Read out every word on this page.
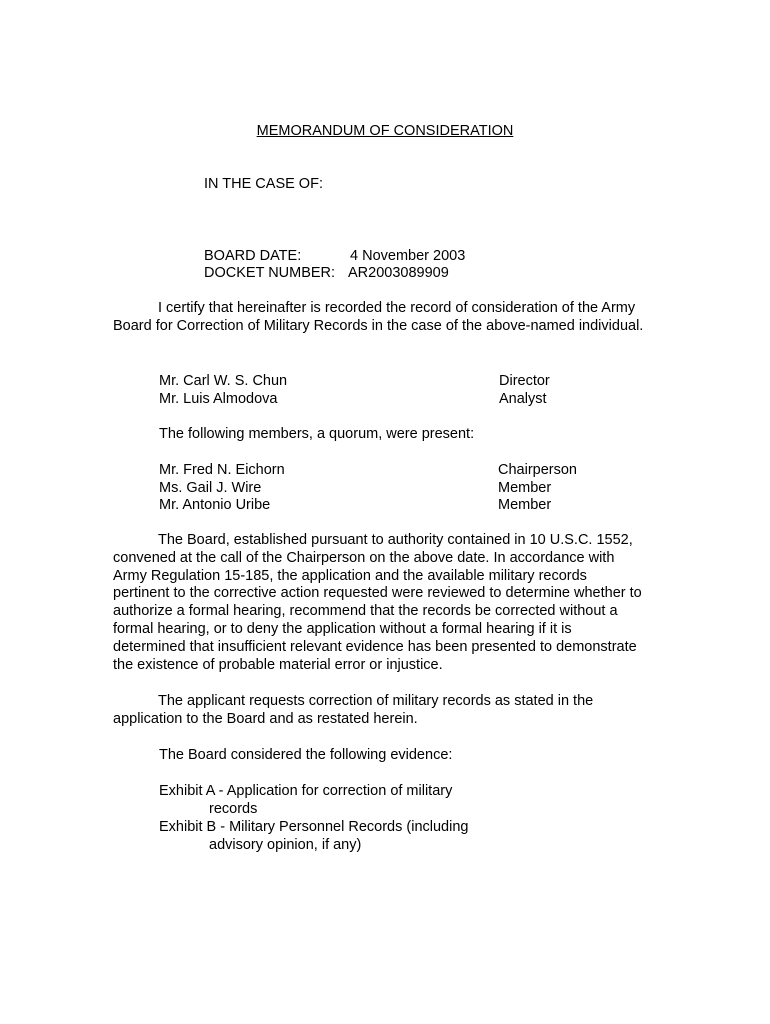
MEMORANDUM OF CONSIDERATION
IN THE CASE OF:
BOARD DATE:	4 November 2003
DOCKET NUMBER: AR2003089909
I certify that hereinafter is recorded the record of consideration of the Army Board for Correction of Military Records in the case of the above-named individual.
Mr. Carl W. S. Chun	Director
Mr. Luis Almodova	Analyst
The following members, a quorum, were present:
Mr. Fred N. Eichorn	Chairperson
Ms. Gail J. Wire	Member
Mr. Antonio Uribe	Member
The Board, established pursuant to authority contained in 10 U.S.C. 1552, convened at the call of the Chairperson on the above date. In accordance with Army Regulation 15-185, the application and the available military records pertinent to the corrective action requested were reviewed to determine whether to authorize a formal hearing, recommend that the records be corrected without a formal hearing, or to deny the application without a formal hearing if it is determined that insufficient relevant evidence has been presented to demonstrate the existence of probable material error or injustice.
The applicant requests correction of military records as stated in the application to the Board and as restated herein.
The Board considered the following evidence:
Exhibit A - Application for correction of military
records
Exhibit B - Military Personnel Records (including
advisory opinion, if any)
